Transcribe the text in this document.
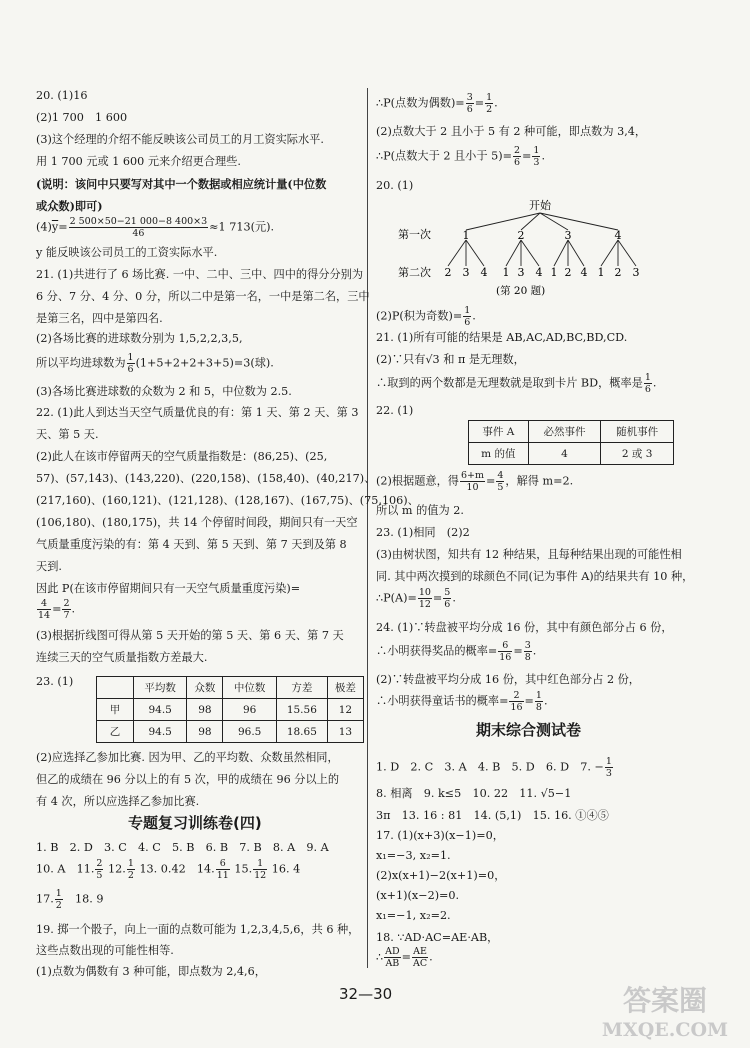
20. (1)16
(2)1 700　1 600
(3)这个经理的介绍不能反映该公司员工的月工资实际水平.
用 1 700 元或 1 600 元来介绍更合理些.
(说明：该问中只要写对其中一个数据或相应统计量(中位数
或众数)即可)
$(4)\overline{y}= \frac{2 500\times 50-21 000-8 400\times 3}{46} \approx 1$ 713(元).
y 能反映该公司员工的工资实际水平.
21. (1)共进行了 6 场比赛. 一中、二中、三中、四中的得分分别为
6 分、7 分、4 分、0 分，所以二中是第一名，一中是第二名，三中
是第三名，四中是第四名.
(2)各场比赛的进球数分别为 1,5,2,2,3,5,
所以平均进球数为 $\frac{1}{6} (1+5+2+2+3+5)=3$(球).
(3)各场比赛进球数的众数为 2 和 5，中位数为 2.5.
22. (1)此人到达当天空气质量优良的有：第 1 天、第 2 天、第 3
天、第 5 天.
(2)此人在该市停留两天的空气质量指数是：(86,25)、(25,
57)、(57,143)、(143,220)、(220,158)、(158,40)、(40,217)、
(217,160)、(160,121)、(121,128)、(128,167)、(167,75)、(75,106)、
(106,180)、(180,175)，共 14 个停留时间段，期间只有一天空
气质量重度污染的有：第 4 天到、第 5 天到、第 7 天到及第 8
天到.
因此 P(在该市停留期间只有一天空气质量重度污染)=
$\frac{4}{14} = \frac{2}{7}$ .
(3)根据折线图可得从第 5 天开始的第 5 天、第 6 天、第 7 天
连续三天的空气质量指数方差最大.
23. (1)
		平均数	众数	中位数	方差	极差
甲	94.5	98	96	15.56	12
乙	94.5	98	96.5	18.65	13
(2)应选择乙参加比赛. 因为甲、乙的平均数、众数虽然相同，
但乙的成绩在 96 分以上的有 5 次，甲的成绩在 96 分以上的
有 4 次，所以应选择乙参加比赛.
专题复习训练卷(四)
1. B　2. D　3. C　4. C　5. B　6. B　7. B　8. A　9. A
10. A　11. $\frac{2}{5} 12$. $\frac{1}{2} 13$. 0.42　14. $\frac{6}{11} 15$. $\frac{1}{12} 16$. 4
17. $\frac{1}{2}$
　 18. 9
19. 掷一个骰子，向上一面的点数可能为 1,2,3,4,5,6，共 6 种，
这些点数出现的可能性相等.
(1)点数为偶数有 3 种可能，即点数为 2,4,6，
∴P(点数为偶数)= $\frac{3}{6} = \frac{1}{2}$ .
(2)点数大于 2 且小于 5 有 2 种可能，即点数为 3,4，
∴P(点数大于 2 且小于 $5)= \frac{2}{6} = \frac{1}{3}$ .
20. (1)
开始
第一次	1	2	3	4
第二次 2 3 4 1 3 4 1 2 4 1 2 3
(第 20 题)
(2)P(积为奇数)= $\frac{1}{6}$ .
21. (1)所有可能的结果是 AB,AC,AD,BC,BD,CD.
(2)∵只有√3 和 π 是无理数，
∴取到的两个数都是无理数就是取到卡片 BD，概率是 $\frac{1}{6}$ .
22. (1)
事件 A	必然事件	随机事件
m 的值	4	2 或 3
(2)根据题意，得 $\frac{6+m}{10} = \frac{4}{5}$ ，解得 m=2.
所以 m 的值为 2.
23. (1)相同　(2)2
(3)由树状图，知共有 12 种结果，且每种结果出现的可能性相
同. 其中两次摸到的球颜色不同(记为事件 A)的结果共有 10 种，
∴P(A)= $\frac{10}{12} = \frac{5}{6}$ .
24. (1)∵转盘被平均分成 16 份，其中有颜色部分占 6 份，
∴小明获得奖品的概率= $\frac{6}{16} = \frac{3}{8}$ .
(2)∵转盘被平均分成 16 份，其中红色部分占 2 份，
∴小明获得童话书的概率= $\frac{2}{16} = \frac{1}{8}$ .
期末综合测试卷
1. D　2. C　3. A　4. B　5. D　6. D　7. − $\frac{1}{3}$
8. 相离　9. k≤5　10. 22　11. √5−1
3π　13. 16 : 81　14. (5,1)　15. 16. ①④⑤
17. (1)(x+3)(x−1)=0，
x₁=−3, x₂=1.
(2)x(x+1)−2(x+1)=0，
(x+1)(x−2)=0.
x₁=−1, x₂=2.
18. ∵AD·AC=AE·AB，
∴ $\frac{AD}{AB} = \frac{AE}{AC}$ .
32—30	答案圈
MXQE.COM
